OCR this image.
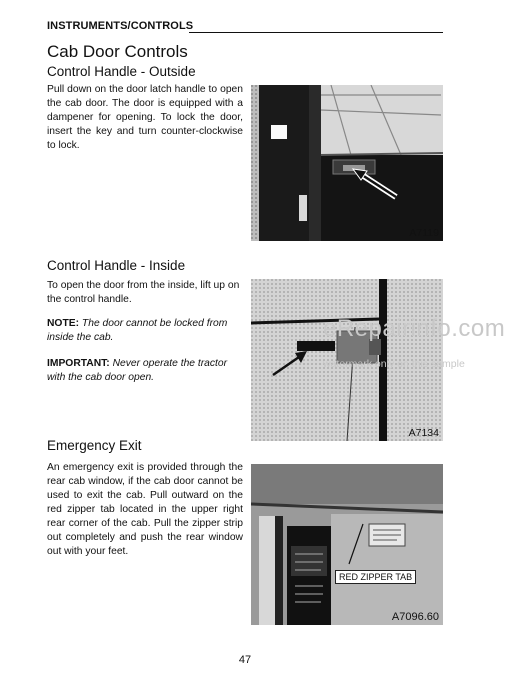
INSTRUMENTS/CONTROLS
Cab Door Controls
Control Handle - Outside
Pull down on the door latch handle to open the cab door. The door is equipped with a dampener for opening. To lock the door, insert the key and turn counter-clockwise to lock.
A7119
Control Handle - Inside
To open the door from the inside, lift up on the control handle.
NOTE: The door cannot be locked from inside the cab.
IMPORTANT: Never operate the tractor with the cab door open.
A7134
eRepairinfo.com
watermark only on this sample
Emergency Exit
An emergency exit is provided through the rear cab window, if the cab door cannot be used to exit the cab. Pull outward on the red zipper tab located in the upper right rear corner of the cab. Pull the zipper strip out completely and push the rear window out with your feet.
RED ZIPPER TAB
A7096.60
47
